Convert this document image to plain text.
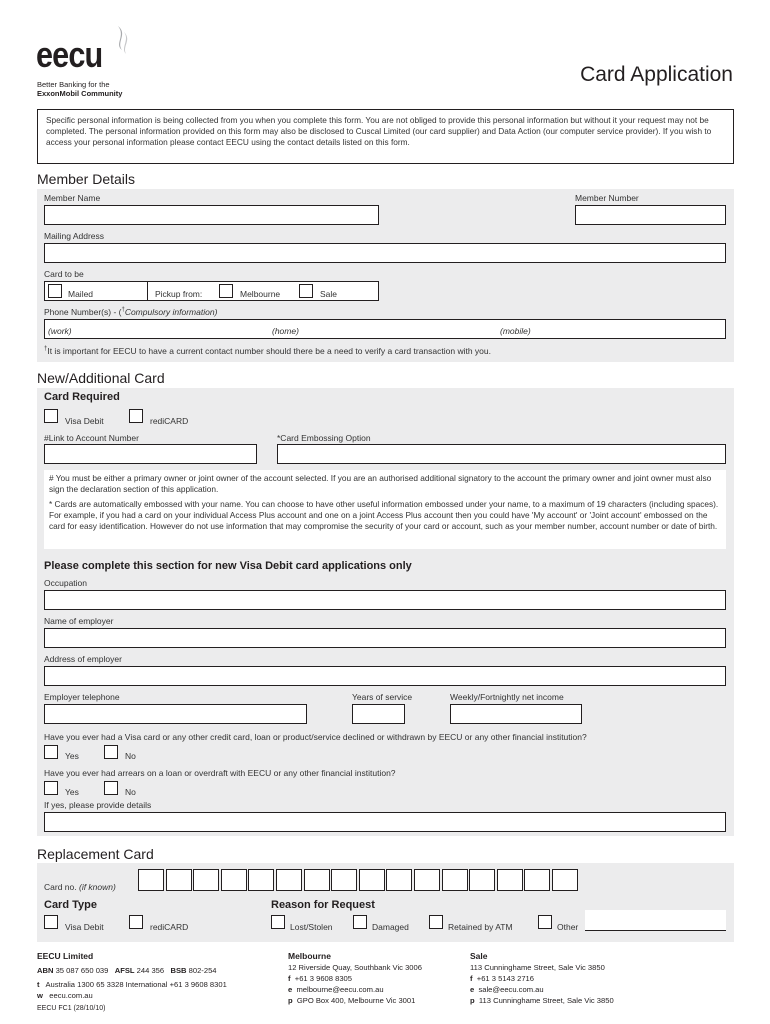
eecu
Better Banking for the
ExxonMobil Community
Card Application
Specific personal information is being collected from you when you complete this form. You are not obliged to provide this personal information but without it your request may not be completed. The personal information provided on this form may also be disclosed to Cuscal Limited (our card supplier) and Data Action (our computer service provider). If you wish to access your personal information please contact EECU using the contact details listed on this form.
Member Details
Member Name	Member Number
Mailing Address
Card to be
Mailed	Pickup from:	Melbourne	Sale
Phone Number(s) - (†Compulsory information)
(work)	(home)	(mobile)
†It is important for EECU to have a current contact number should there be a need to verify a card transaction with you.
New/Additional Card
Card Required
Visa Debit	rediCARD
#Link to Account Number	*Card Embossing Option
# You must be either a primary owner or joint owner of the account selected. If you are an authorised additional signatory to the account the primary owner and joint owner must also sign the declaration section of this application.
* Cards are automatically embossed with your name. You can choose to have other useful information embossed under your name, to a maximum of 19 characters (including spaces). For example, if you had a card on your individual Access Plus account and one on a joint Access Plus account then you could have 'My account' or 'Joint account' embossed on the card for easy identification. However do not use information that may compromise the security of your card or account, such as your member number, account number or date of birth.
Please complete this section for new Visa Debit card applications only
Occupation
Name of employer
Address of employer
Employer telephone	Years of service	Weekly/Fortnightly net income
Have you ever had a Visa card or any other credit card, loan or product/service declined or withdrawn by EECU or any other financial institution?
Yes	No
Have you ever had arrears on a loan or overdraft with EECU or any other financial institution?
Yes	No
If yes, please provide details
Replacement Card
Card no. (if known)
Card Type	Reason for Request
Visa Debit	rediCARD	Lost/Stolen	Damaged	Retained by ATM	Other
EECU Limited
ABN 35 087 650 039 AFSL 244 356 BSB 802-254
t Australia 1300 65 3328 International +61 3 9608 8301
w eecu.com.au
EECU FC1 (28/10/10)
Melbourne
12 Riverside Quay, Southbank Vic 3006
f +61 3 9608 8305
e melbourne@eecu.com.au
p GPO Box 400, Melbourne Vic 3001
Sale
113 Cunninghame Street, Sale Vic 3850
f +61 3 5143 2716
e sale@eecu.com.au
p 113 Cunninghame Street, Sale Vic 3850
